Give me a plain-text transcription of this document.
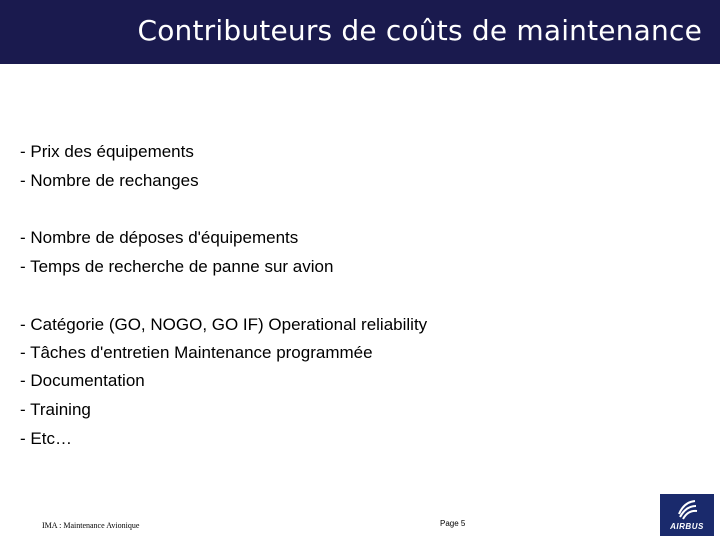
Contributeurs de coûts de maintenance
- Prix des équipements
- Nombre de rechanges
- Nombre de déposes d'équipements
- Temps de recherche de panne sur avion
- Catégorie (GO, NOGO, GO IF) Operational reliability
- Tâches d'entretien Maintenance programmée
- Documentation
- Training
- Etc…
IMA : Maintenance Avionique	Page 5	AIRBUS
